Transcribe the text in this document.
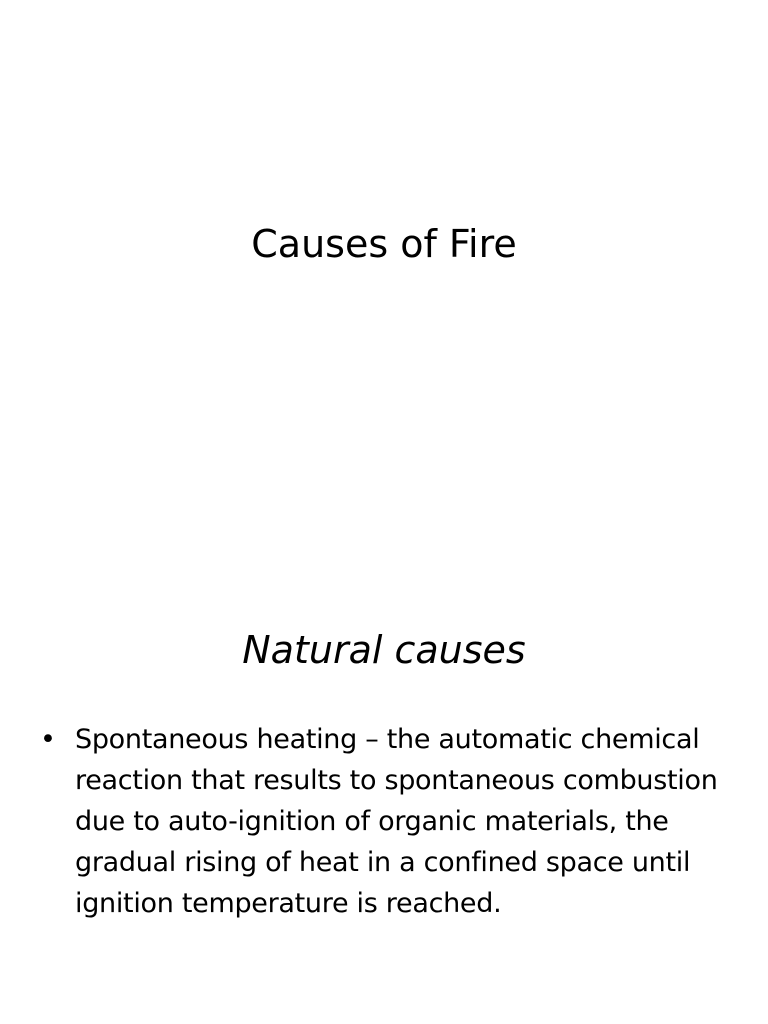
Causes of Fire
Natural causes
• Spontaneous heating – the automatic chemical reaction that results to spontaneous combustion due to auto-ignition of organic materials, the gradual rising of heat in a confined space until ignition temperature is reached.
